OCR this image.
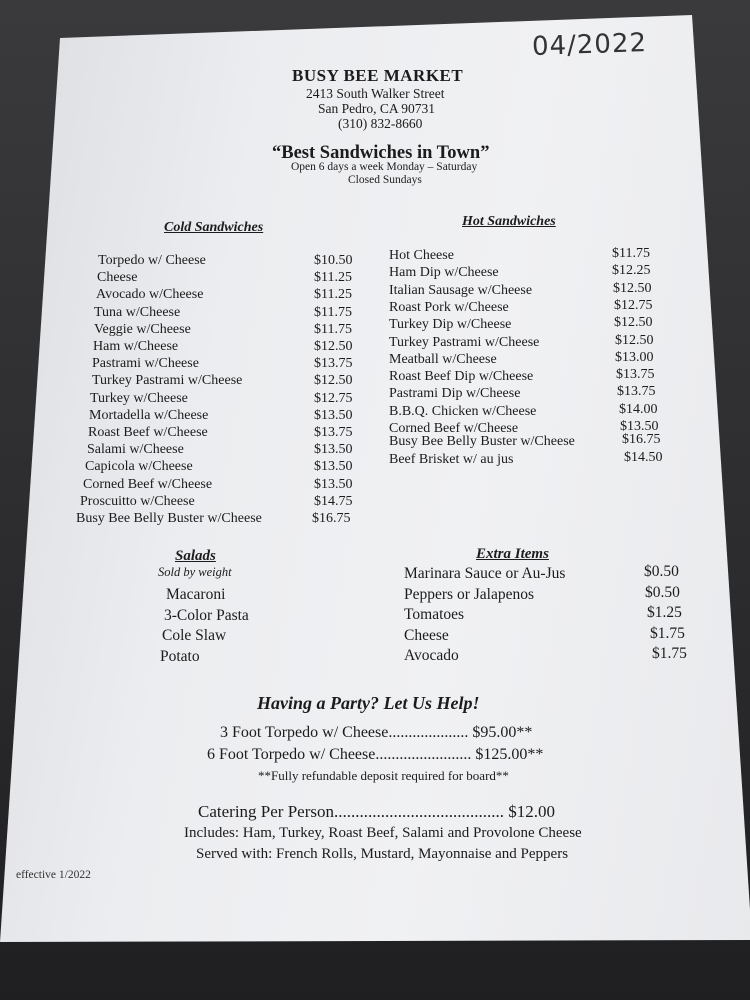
04/2022
BUSY BEE MARKET
2413 South Walker Street
San Pedro, CA 90731
(310) 832-8660
“Best Sandwiches in Town”
Open 6 days a week Monday – Saturday
Closed Sundays
Cold Sandwiches	Hot Sandwiches
Torpedo w/ Cheese	$10.50
Cheese	$11.25
Avocado w/Cheese	$11.25
Tuna w/Cheese	$11.75
Veggie w/Cheese	$11.75
Ham w/Cheese	$12.50
Pastrami w/Cheese	$13.75
Turkey Pastrami w/Cheese	$12.50
Turkey w/Cheese	$12.75
Mortadella w/Cheese	$13.50
Roast Beef w/Cheese	$13.75
Salami w/Cheese	$13.50
Capicola w/Cheese	$13.50
Corned Beef w/Cheese	$13.50
Proscuitto w/Cheese	$14.75
Busy Bee Belly Buster w/Cheese	$16.75
Hot Cheese	$11.75
Ham Dip w/Cheese	$12.25
Italian Sausage w/Cheese	$12.50
Roast Pork w/Cheese	$12.75
Turkey Dip w/Cheese	$12.50
Turkey Pastrami w/Cheese	$12.50
Meatball w/Cheese	$13.00
Roast Beef Dip w/Cheese	$13.75
Pastrami Dip w/Cheese	$13.75
B.B.Q. Chicken w/Cheese	$14.00
Corned Beef w/Cheese	$13.50
Busy Bee Belly Buster w/Cheese	$16.75
Beef Brisket w/ au jus	$14.50
Salads
Sold by weight
Macaroni
3-Color Pasta
Cole Slaw
Potato
Extra Items
Marinara Sauce or Au-Jus	$0.50
Peppers or Jalapenos	$0.50
Tomatoes	$1.25
Cheese	$1.75
Avocado	$1.75
Having a Party? Let Us Help!
3 Foot Torpedo w/ Cheese.................... $95.00**
6 Foot Torpedo w/ Cheese........................ $125.00**
**Fully refundable deposit required for board**
Catering Per Person........................................ $12.00
Includes: Ham, Turkey, Roast Beef, Salami and Provolone Cheese
Served with: French Rolls, Mustard, Mayonnaise and Peppers
effective 1/2022
